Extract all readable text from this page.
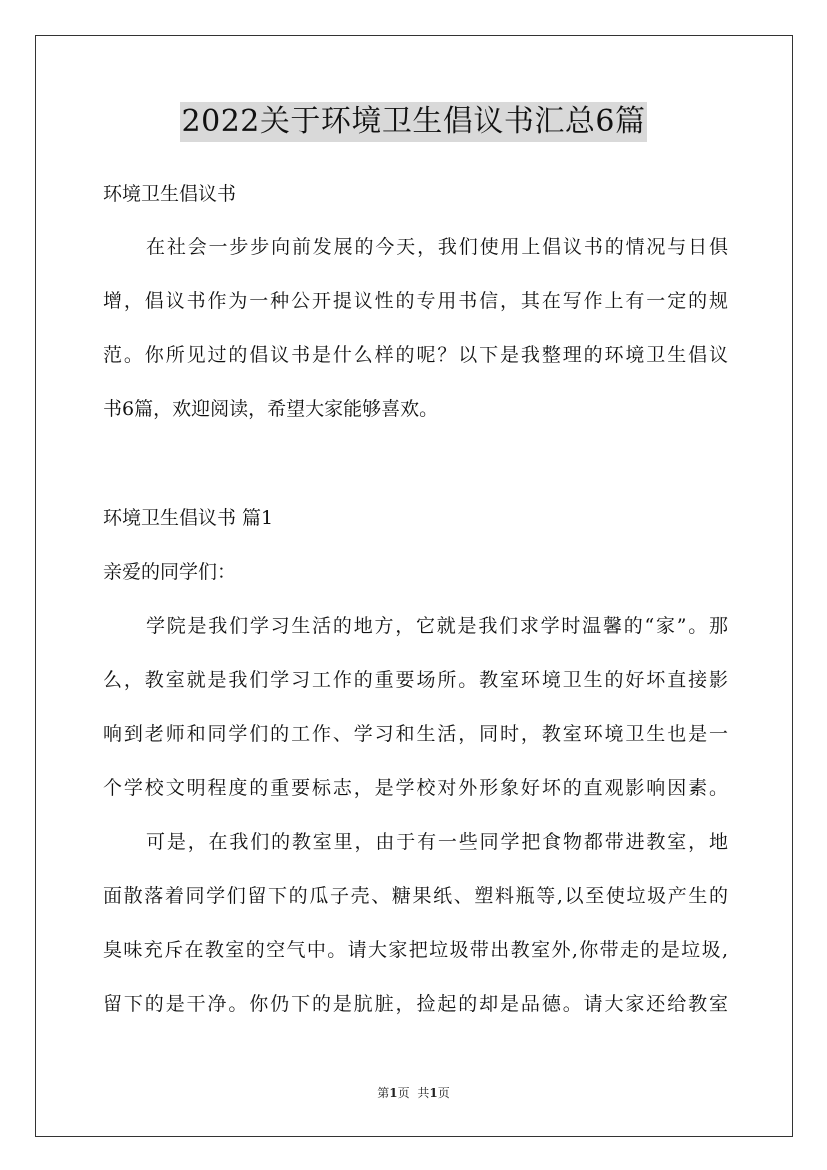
2022关于环境卫生倡议书汇总6篇
环境卫生倡议书
在社会一步步向前发展的今天，我们使用上倡议书的情况与日俱
增，倡议书作为一种公开提议性的专用书信，其在写作上有一定的规
范。你所见过的倡议书是什么样的呢？以下是我整理的环境卫生倡议
书6篇，欢迎阅读，希望大家能够喜欢。
环境卫生倡议书 篇1
亲爱的同学们：
学院是我们学习生活的地方，它就是我们求学时温馨的“家”。那
么，教室就是我们学习工作的重要场所。教室环境卫生的好坏直接影
响到老师和同学们的工作、学习和生活，同时，教室环境卫生也是一
个学校文明程度的重要标志，是学校对外形象好坏的直观影响因素。
可是，在我们的教室里，由于有一些同学把食物都带进教室，地
面散落着同学们留下的瓜子壳、糖果纸、塑料瓶等,以至使垃圾产生的
臭味充斥在教室的空气中。请大家把垃圾带出教室外,你带走的是垃圾,
留下的是干净。你仍下的是肮脏，捡起的却是品德。请大家还给教室
第1页 共1页
